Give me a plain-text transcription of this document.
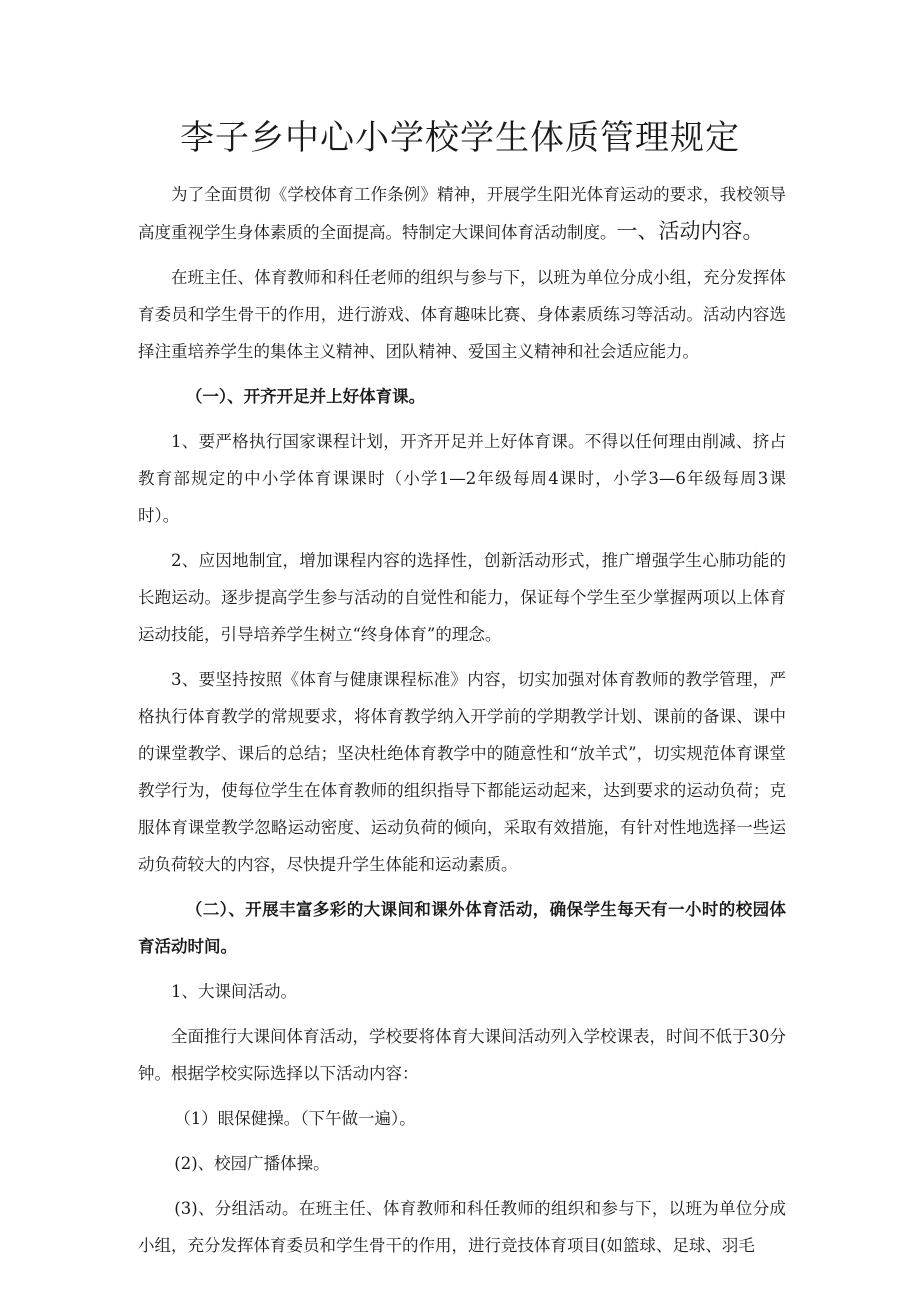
李子乡中心小学校学生体质管理规定

为了全面贯彻《学校体育工作条例》精神，开展学生阳光体育运动的要求，我校领导高度重视学生身体素质的全面提高。特制定大课间体育活动制度。一、活动内容。

在班主任、体育教师和科任老师的组织与参与下，以班为单位分成小组，充分发挥体育委员和学生骨干的作用，进行游戏、体育趣味比赛、身体素质练习等活动。活动内容选择注重培养学生的集体主义精神、团队精神、爱国主义精神和社会适应能力。

（一）、开齐开足并上好体育课。

1、要严格执行国家课程计划，开齐开足并上好体育课。不得以任何理由削减、挤占教育部规定的中小学体育课课时（小学1—2年级每周4课时，小学3—6年级每周3课时）。

2、应因地制宜，增加课程内容的选择性，创新活动形式，推广增强学生心肺功能的长跑运动。逐步提高学生参与活动的自觉性和能力，保证每个学生至少掌握两项以上体育运动技能，引导培养学生树立“终身体育”的理念。

3、要坚持按照《体育与健康课程标准》内容，切实加强对体育教师的教学管理，严格执行体育教学的常规要求，将体育教学纳入开学前的学期教学计划、课前的备课、课中的课堂教学、课后的总结；坚决杜绝体育教学中的随意性和“放羊式”，切实规范体育课堂教学行为，使每位学生在体育教师的组织指导下都能运动起来，达到要求的运动负荷；克服体育课堂教学忽略运动密度、运动负荷的倾向，采取有效措施，有针对性地选择一些运动负荷较大的内容，尽快提升学生体能和运动素质。

（二）、开展丰富多彩的大课间和课外体育活动，确保学生每天有一小时的校园体育活动时间。

1、大课间活动。

全面推行大课间体育活动，学校要将体育大课间活动列入学校课表，时间不低于30分钟。根据学校实际选择以下活动内容：

（1）眼保健操。（下午做一遍）。

(2)、校园广播体操。

(3)、分组活动。在班主任、体育教师和科任教师的组织和参与下，以班为单位分成小组，充分发挥体育委员和学生骨干的作用，进行竞技体育项目(如篮球、足球、羽毛
